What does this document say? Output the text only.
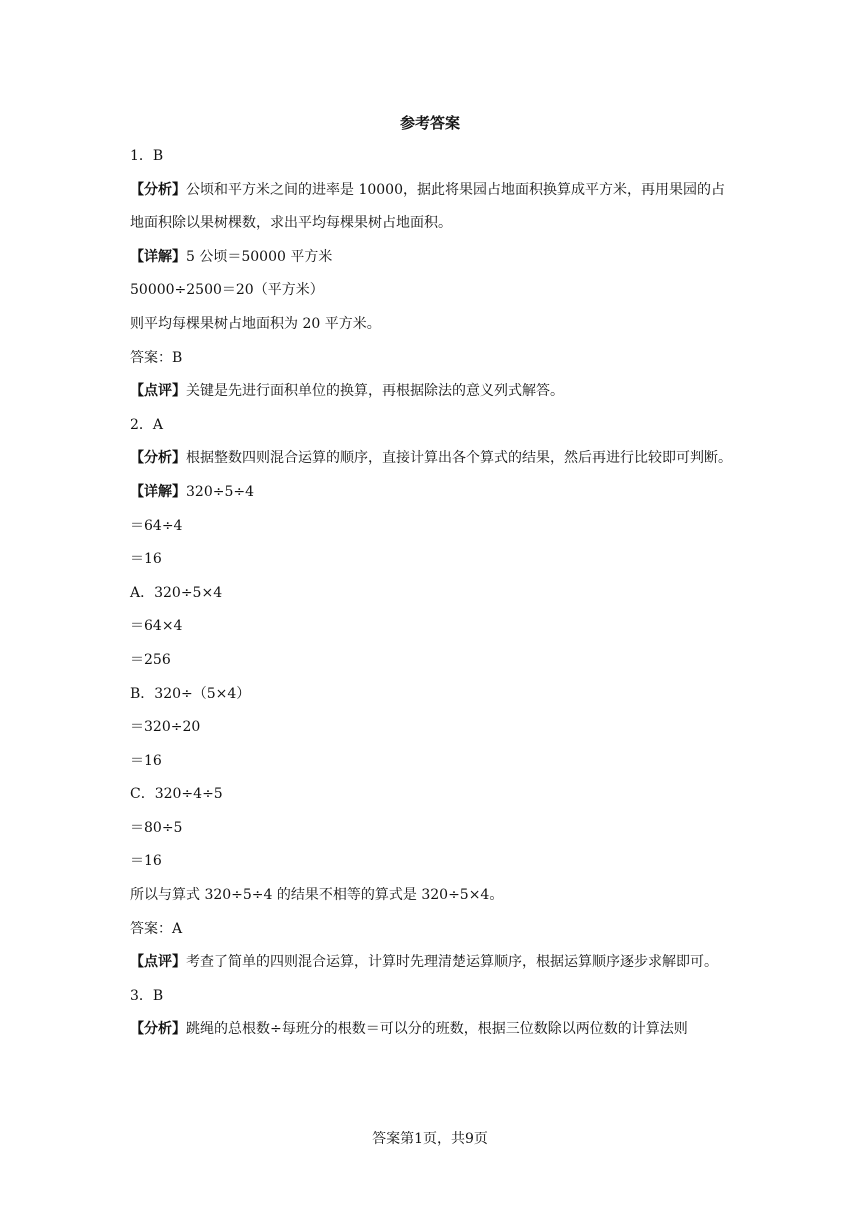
参考答案

1．B

【分析】公顷和平方米之间的进率是 10000，据此将果园占地面积换算成平方米，再用果园的占地面积除以果树棵数，求出平均每棵果树占地面积。

【详解】5 公顷＝50000 平方米

50000÷2500＝20（平方米）

则平均每棵果树占地面积为 20 平方米。

答案：B

【点评】关键是先进行面积单位的换算，再根据除法的意义列式解答。

2．A

【分析】根据整数四则混合运算的顺序，直接计算出各个算式的结果，然后再进行比较即可判断。

【详解】320÷5÷4

＝64÷4

＝16

A．320÷5×4

＝64×4

＝256

B．320÷（5×4）

＝320÷20

＝16

C．320÷4÷5

＝80÷5

＝16

所以与算式 320÷5÷4 的结果不相等的算式是 320÷5×4。

答案：A

【点评】考查了简单的四则混合运算，计算时先理清楚运算顺序，根据运算顺序逐步求解即可。

3．B

【分析】跳绳的总根数÷每班分的根数＝可以分的班数，根据三位数除以两位数的计算法则

答案第1页，共9页
